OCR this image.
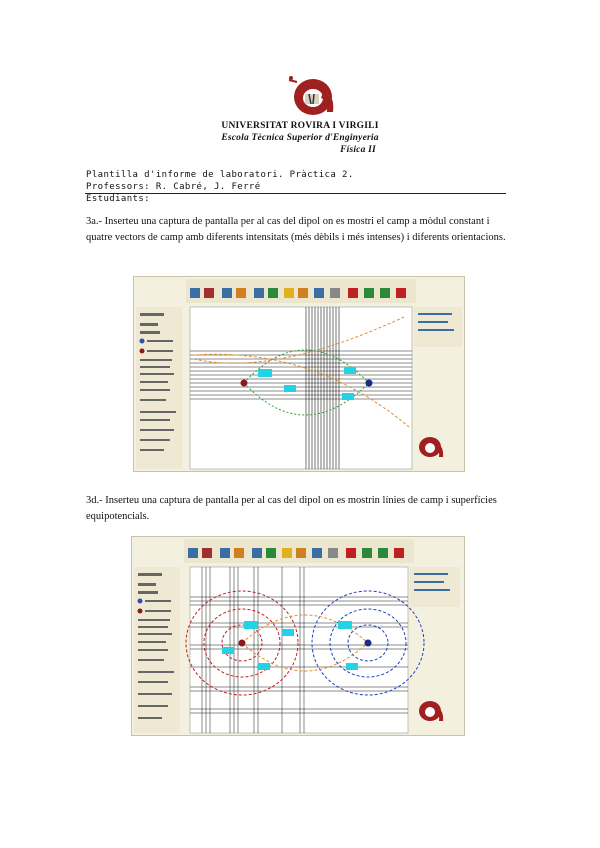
UNIVERSITAT ROVIRA I VIRGILI
Escola Tècnica Superior d'Enginyeria
Física II
Plantilla d'informe de laboratori. Pràctica 2.
Professors: R. Cabré, J. Ferré
Estudiants:
3a.- Inserteu una captura de pantalla per al cas del dipol on es mostri el camp a mòdul constant i quatre vectors de camp amb diferents intensitats (més dèbils i més intenses) i diferents orientacions.
3d.- Inserteu una captura de pantalla per al cas del dipol on es mostrin línies de camp i superfícies equipotencials.
